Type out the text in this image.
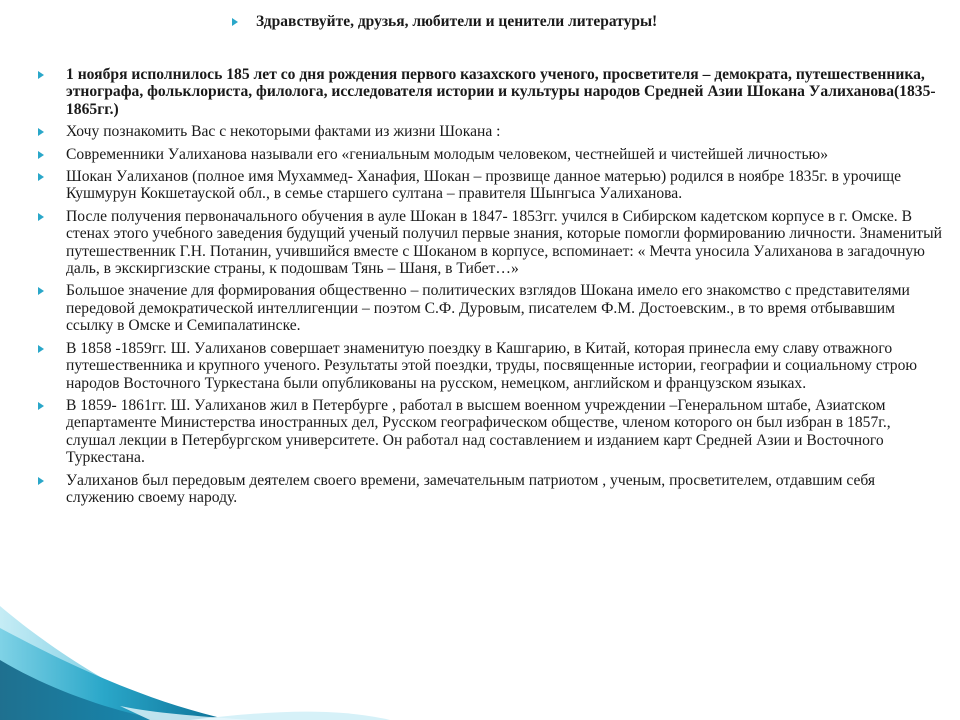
Здравствуйте, друзья, любители и ценители литературы!
1 ноября исполнилось 185 лет со дня рождения первого казахского ученого, просветителя – демократа, путешественника, этнографа, фольклориста, филолога, исследователя истории и культуры народов Средней Азии Шокана Уалиханова(1835-1865гг.)
Хочу познакомить Вас с некоторыми фактами из жизни Шокана :
Современники Уалиханова называли его «гениальным молодым человеком, честнейшей и чистейшей личностью»
Шокан Уалиханов (полное имя Мухаммед- Ханафия, Шокан – прозвище данное матерью) родился в ноябре 1835г. в урочище Кушмурун Кокшетауской обл., в семье старшего султана – правителя Шынгыса Уалиханова.
После получения первоначального обучения в ауле Шокан в 1847- 1853гг. учился в Сибирском кадетском корпусе в г. Омске. В стенах этого учебного заведения будущий ученый получил первые знания, которые помогли формированию личности. Знаменитый путешественник Г.Н. Потанин, учившийся вместе с Шоканом в корпусе, вспоминает: « Мечта уносила Уалиханова в загадочную даль, в экскиргизские страны, к подошвам Тянь – Шаня, в Тибет…»
Большое значение для формирования общественно – политических взглядов Шокана имело его знакомство с представителями передовой демократической интеллигенции – поэтом С.Ф. Дуровым, писателем Ф.М. Достоевским., в то время отбывавшим ссылку в Омске и Семипалатинске.
В 1858 -1859гг. Ш. Уалиханов совершает знаменитую поездку в Кашгарию, в Китай, которая принесла ему славу отважного путешественника и крупного ученого. Результаты этой поездки, труды, посвященные истории, географии и социальному строю народов Восточного Туркестана были опубликованы на русском, немецком, английском и французском языках.
В 1859- 1861гг. Ш. Уалиханов жил в Петербурге , работал в высшем военном учреждении –Генеральном штабе, Азиатском департаменте Министерства иностранных дел, Русском географическом обществе, членом которого он был избран в 1857г., слушал лекции в Петербургском университете. Он работал над составлением и изданием карт Средней Азии и Восточного Туркестана.
Уалиханов был передовым деятелем своего времени, замечательным патриотом , ученым, просветителем, отдавшим себя служению своему народу.
